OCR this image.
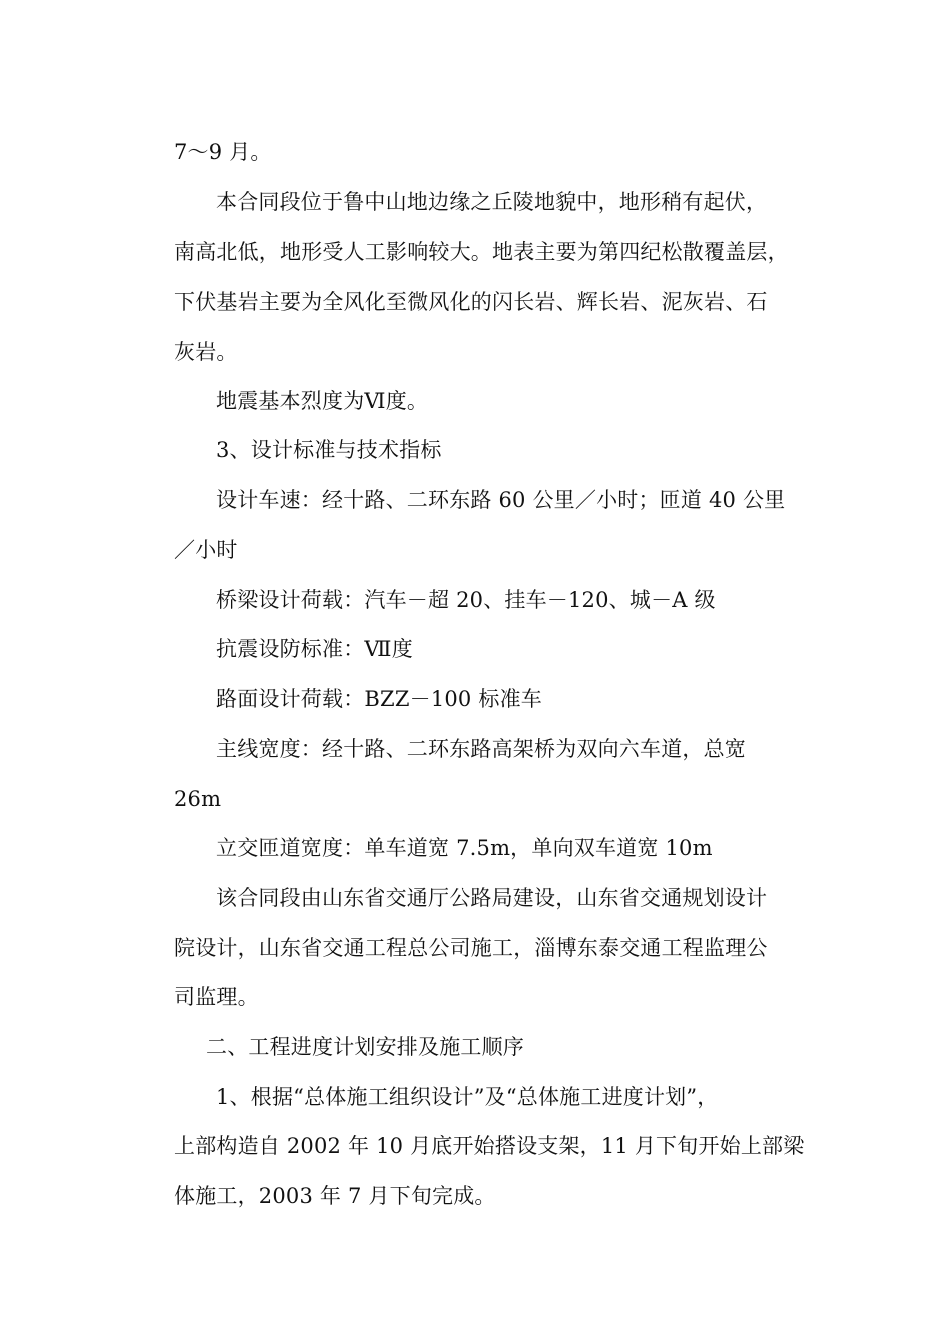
7～9 月。
本合同段位于鲁中山地边缘之丘陵地貌中，地形稍有起伏，
南高北低，地形受人工影响较大。地表主要为第四纪松散覆盖层，
下伏基岩主要为全风化至微风化的闪长岩、辉长岩、泥灰岩、石
灰岩。
地震基本烈度为Ⅵ度。
3、设计标准与技术指标
设计车速：经十路、二环东路 60 公里／小时；匝道 40 公里
／小时
桥梁设计荷载：汽车－超 20、挂车－120、城－A 级
抗震设防标准：Ⅶ度
路面设计荷载：BZZ－100 标准车
主线宽度：经十路、二环东路高架桥为双向六车道，总宽
26m
立交匝道宽度：单车道宽 7.5m，单向双车道宽 10m
该合同段由山东省交通厅公路局建设，山东省交通规划设计
院设计，山东省交通工程总公司施工，淄博东泰交通工程监理公
司监理。
二、工程进度计划安排及施工顺序
1、根据“总体施工组织设计”及“总体施工进度计划”，
上部构造自 2002 年 10 月底开始搭设支架，11 月下旬开始上部梁
体施工，2003 年 7 月下旬完成。
